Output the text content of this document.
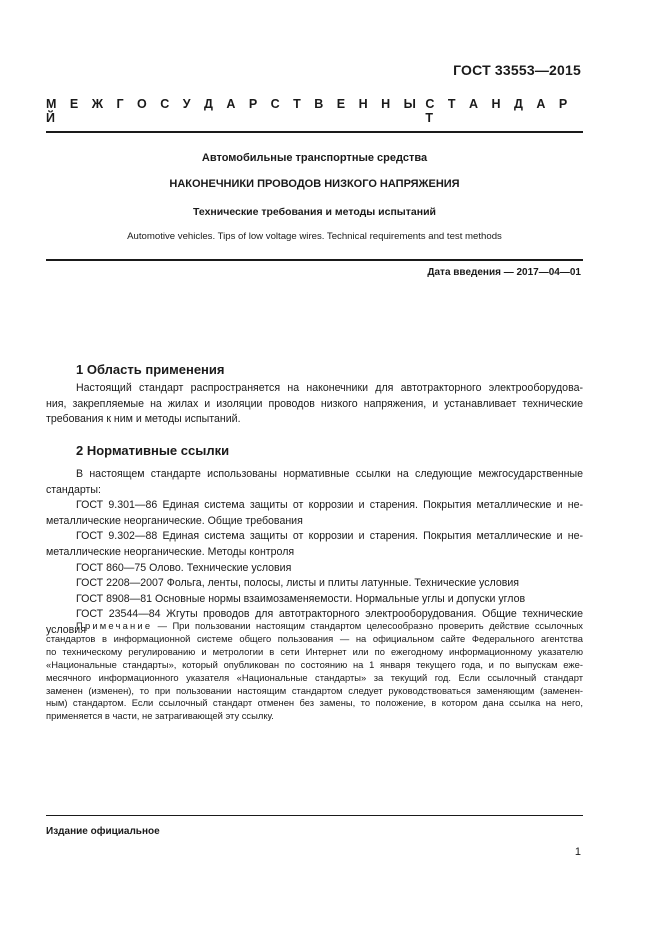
ГОСТ 33553—2015
М Е Ж Г О С У Д А Р С Т В Е Н Н Ы Й
С Т А Н Д А Р Т
Автомобильные транспортные средства
НАКОНЕЧНИКИ ПРОВОДОВ НИЗКОГО НАПРЯЖЕНИЯ
Технические требования и методы испытаний
Automotive vehicles. Tips of low voltage wires. Technical requirements and test methods
Дата введения — 2017—04—01
1 Область применения
Настоящий стандарт распространяется на наконечники для автотракторного электрооборудова-
ния, закрепляемые на жилах и изоляции проводов низкого напряжения, и устанавливает технические
требования к ним и методы испытаний.
2 Нормативные ссылки
В настоящем стандарте использованы нормативные ссылки на следующие межгосударственные
стандарты:
ГОСТ 9.301—86 Единая система защиты от коррозии и старения. Покрытия металлические и не-
металлические неорганические. Общие требования
ГОСТ 9.302—88 Единая система защиты от коррозии и старения. Покрытия металлические и не-
металлические неорганические. Методы контроля
ГОСТ 860—75 Олово. Технические условия
ГОСТ 2208—2007 Фольга, ленты, полосы, листы и плиты латунные. Технические условия
ГОСТ 8908—81 Основные нормы взаимозаменяемости. Нормальные углы и допуски углов
ГОСТ 23544—84 Жгуты проводов для автотракторного электрооборудования. Общие технические
условия
Примечание — При пользовании настоящим стандартом целесообразно проверить действие ссылочных
стандартов в информационной системе общего пользования — на официальном сайте Федерального агентства
по техническому регулированию и метрологии в сети Интернет или по ежегодному информационному указателю
«Национальные стандарты», который опубликован по состоянию на 1 января текущего года, и по выпускам еже-
месячного информационного указателя «Национальные стандарты» за текущий год. Если ссылочный стандарт
заменен (изменен), то при пользовании настоящим стандартом следует руководствоваться заменяющим (заменен-
ным) стандартом. Если ссылочный стандарт отменен без замены, то положение, в котором дана ссылка на него,
применяется в части, не затрагивающей эту ссылку.
Издание официальное
1
